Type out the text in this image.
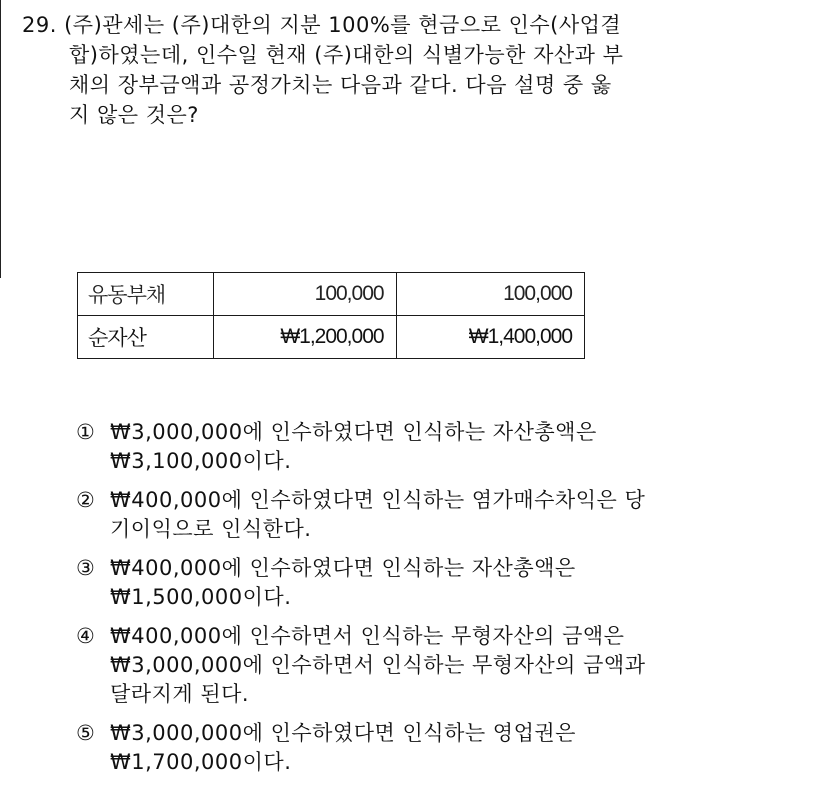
29. (주)관세는 (주)대한의 지분 100%를 현금으로 인수(사업결
합)하였는데, 인수일 현재 (주)대한의 식별가능한 자산과 부
채의 장부금액과 공정가치는 다음과 같다. 다음 설명 중 옳
지 않은 것은?
유동부채	100,000	100,000
순자산	₩1,200,000	₩1,400,000
① ₩3,000,000에 인수하였다면 인식하는 자산총액은
₩3,100,000이다.
② ₩400,000에 인수하였다면 인식하는 염가매수차익은 당
기이익으로 인식한다.
③ ₩400,000에 인수하였다면 인식하는 자산총액은
₩1,500,000이다.
④ ₩400,000에 인수하면서 인식하는 무형자산의 금액은
₩3,000,000에 인수하면서 인식하는 무형자산의 금액과
달라지게 된다.
⑤ ₩3,000,000에 인수하였다면 인식하는 영업권은
₩1,700,000이다.
